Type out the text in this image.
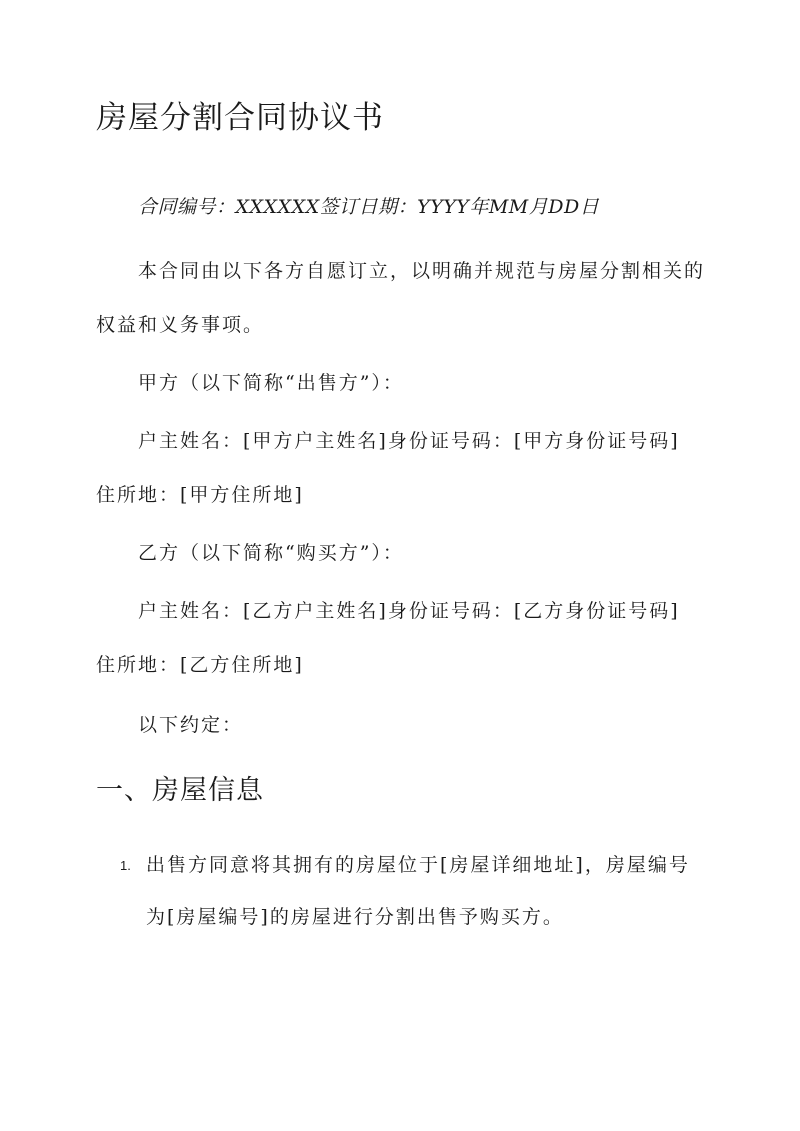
房屋分割合同协议书
合同编号：XXXXXX签订日期：YYYY年MM月DD日
本合同由以下各方自愿订立，以明确并规范与房屋分割相关的
权益和义务事项。
甲方（以下简称“出售方”）：
户主姓名：[甲方户主姓名]身份证号码：[甲方身份证号码]
住所地：[甲方住所地]
乙方（以下简称“购买方”）：
户主姓名：[乙方户主姓名]身份证号码：[乙方身份证号码]
住所地：[乙方住所地]
以下约定：
一、房屋信息
1. 出售方同意将其拥有的房屋位于[房屋详细地址]，房屋编号
为[房屋编号]的房屋进行分割出售予购买方。
